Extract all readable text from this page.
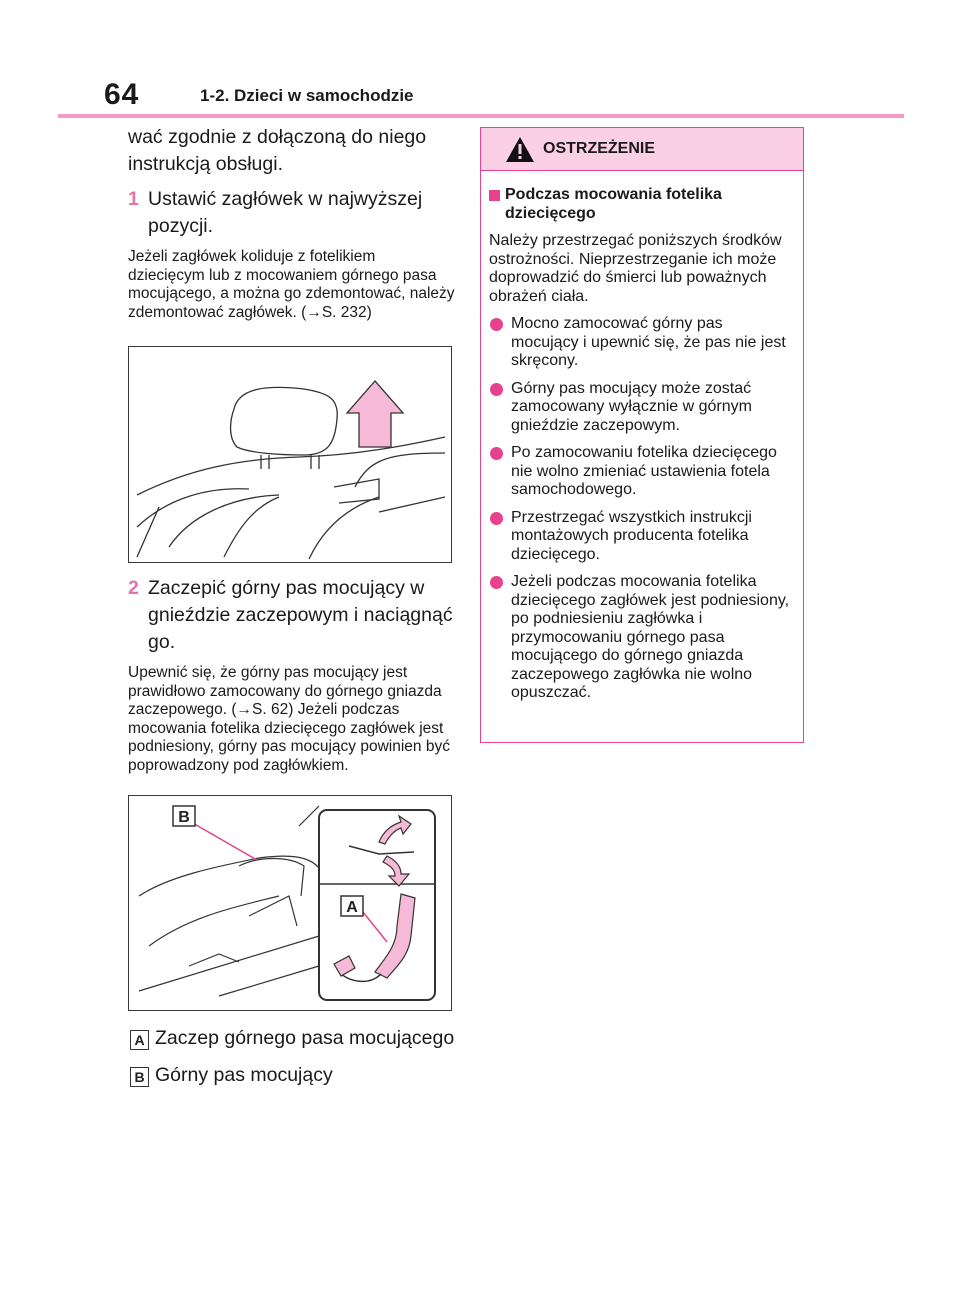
64	1-2. Dzieci w samochodzie

wać zgodnie z dołączoną do niego instrukcją obsługi.

1 Ustawić zagłówek w najwyższej pozycji.

Jeżeli zagłówek koliduje z fotelikiem dziecięcym lub z mocowaniem górnego pasa mocującego, a można go zdemontować, należy zdemontować zagłówek. (→S. 232)

2 Zaczepić górny pas mocujący w gnieździe zaczepowym i naciągnąć go.

Upewnić się, że górny pas mocujący jest prawidłowo zamocowany do górnego gniazda zaczepowego. (→S. 62) Jeżeli podczas mocowania fotelika dziecięcego zagłówek jest podniesiony, górny pas mocujący powinien być poprowadzony pod zagłówkiem.

B
A
A Zaczep górnego pasa mocującego

B Górny pas mocujący

OSTRZEŻENIE
Podczas mocowania fotelika dziecięcego

Należy przestrzegać poniższych środków ostrożności. Nieprzestrzeganie ich może doprowadzić do śmierci lub poważnych obrażeń ciała.

Mocno zamocować górny pas mocujący i upewnić się, że pas nie jest skręcony.
Górny pas mocujący może zostać zamocowany wyłącznie w górnym gnieździe zaczepowym.
Po zamocowaniu fotelika dziecięcego nie wolno zmieniać ustawienia fotela samochodowego.
Przestrzegać wszystkich instrukcji montażowych producenta fotelika dziecięcego.
Jeżeli podczas mocowania fotelika dziecięcego zagłówek jest podniesiony, po podniesieniu zagłówka i przymocowaniu górnego pasa mocującego do górnego gniazda zaczepowego zagłówka nie wolno opuszczać.
